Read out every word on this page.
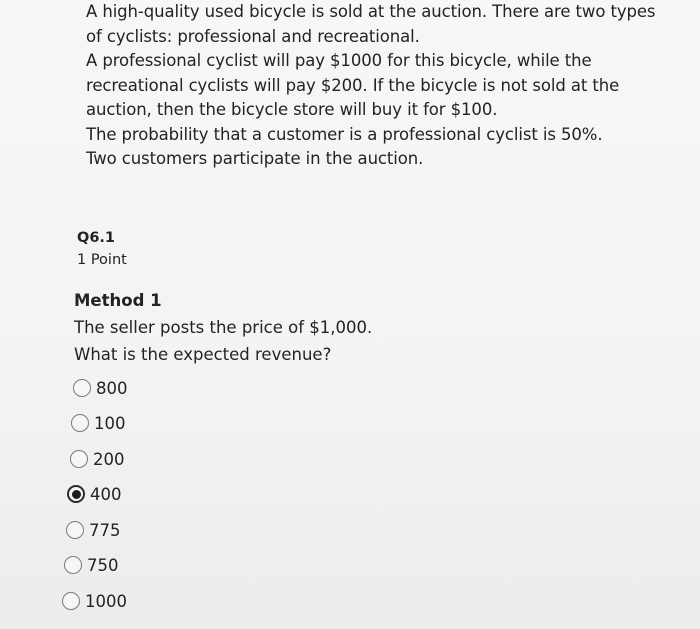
A high-quality used bicycle is sold at the auction. There are two types

of cyclists: professional and recreational.

A professional cyclist will pay $1000 for this bicycle, while the

recreational cyclists will pay $200. If the bicycle is not sold at the

auction, then the bicycle store will buy it for $100.

The probability that a customer is a professional cyclist is 50%.

Two customers participate in the auction.

Q6.1
1 Point
Method 1
The seller posts the price of $1,000.
What is the expected revenue?
800
100
200
400
775
750
1000
